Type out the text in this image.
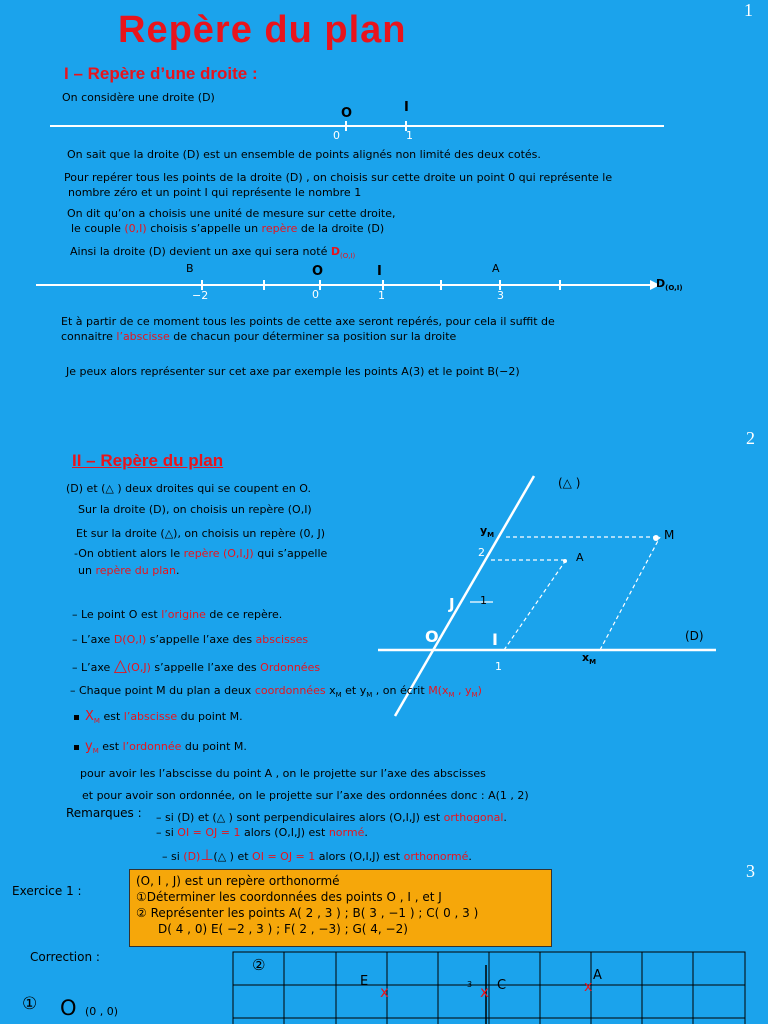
1
2
3
Repère du plan
I – Repère d’une droite :
On considère une droite (D)
O	I
0	1
On sait que la droite (D) est un ensemble de points alignés non limité des deux cotés.
Pour repérer tous les points de la droite (D) , on choisis sur cette droite un point 0 qui représente le
nombre zéro et un point I qui représente le nombre 1
On dit qu’on a choisis une unité de mesure sur cette droite,
le couple (0,I) choisis s’appelle un repère de la droite (D)
Ainsi la droite (D) devient un axe qui sera noté $D_{(O,I)}$
B	O	I	A
−2	0	1	3
$D_{(O,I)}$
Et à partir de ce moment tous les points de cette axe seront repérés, pour cela il suffit de
connaitre l’abscisse de chacun pour déterminer sa position sur la droite
Je peux alors représenter sur cet axe par exemple les points A(3) et le point B(−2)
II – Repère du plan
(D) et (△ ) deux droites qui se coupent en O.
Sur la droite (D), on choisis un repère (O,I)
Et sur la droite (△), on choisis un repère (0, J)
-On obtient alors le repère (O,I,J) qui s’appelle
un repère du plan.
– Le point O est l’origine de ce repère.
– L’axe D(O,I) s’appelle l’axe des abscisses
– L’axe △(O,J) s’appelle l’axe des Ordonnées
– Chaque point M du plan a deux coordonnées $x_M$ et $y_M$ , on écrit $M(x_M$ , $y_M$)
$X_M$ est l’abscisse du point M.
$y_M$ est l’ordonnée du point M.
pour avoir les l’abscisse du point A , on le projette sur l’axe des abscisses
et pour avoir son ordonnée, on le projette sur l’axe des ordonnées donc : A(1 , 2)
Remarques : – si (D) et (△ ) sont perpendiculaires alors (O,I,J) est orthogonal.
– si OI = OJ = 1 alors (O,I,J) est normé.
– si (D)⊥(△ ) et OI = OJ = 1 alors (O,I,J) est orthonormé.
(△ )
(D)
$y_M$
2
M
A
J 1
O	I
1
$x_M$
Exercice 1 :
(O, I , J) est un repère orthonormé
①Déterminer les coordonnées des points O , I , et J
② Représenter les points A( 2 , 3 ) ; B( 3 , −1 ) ; C( 0 , 3 )
D( 4 , 0) E( −2 , 3 ) ; F( 2 , −3) ; G( 4, −2)
Correction :
① O (0 , 0)
②
E
x	3 x C	x
A
